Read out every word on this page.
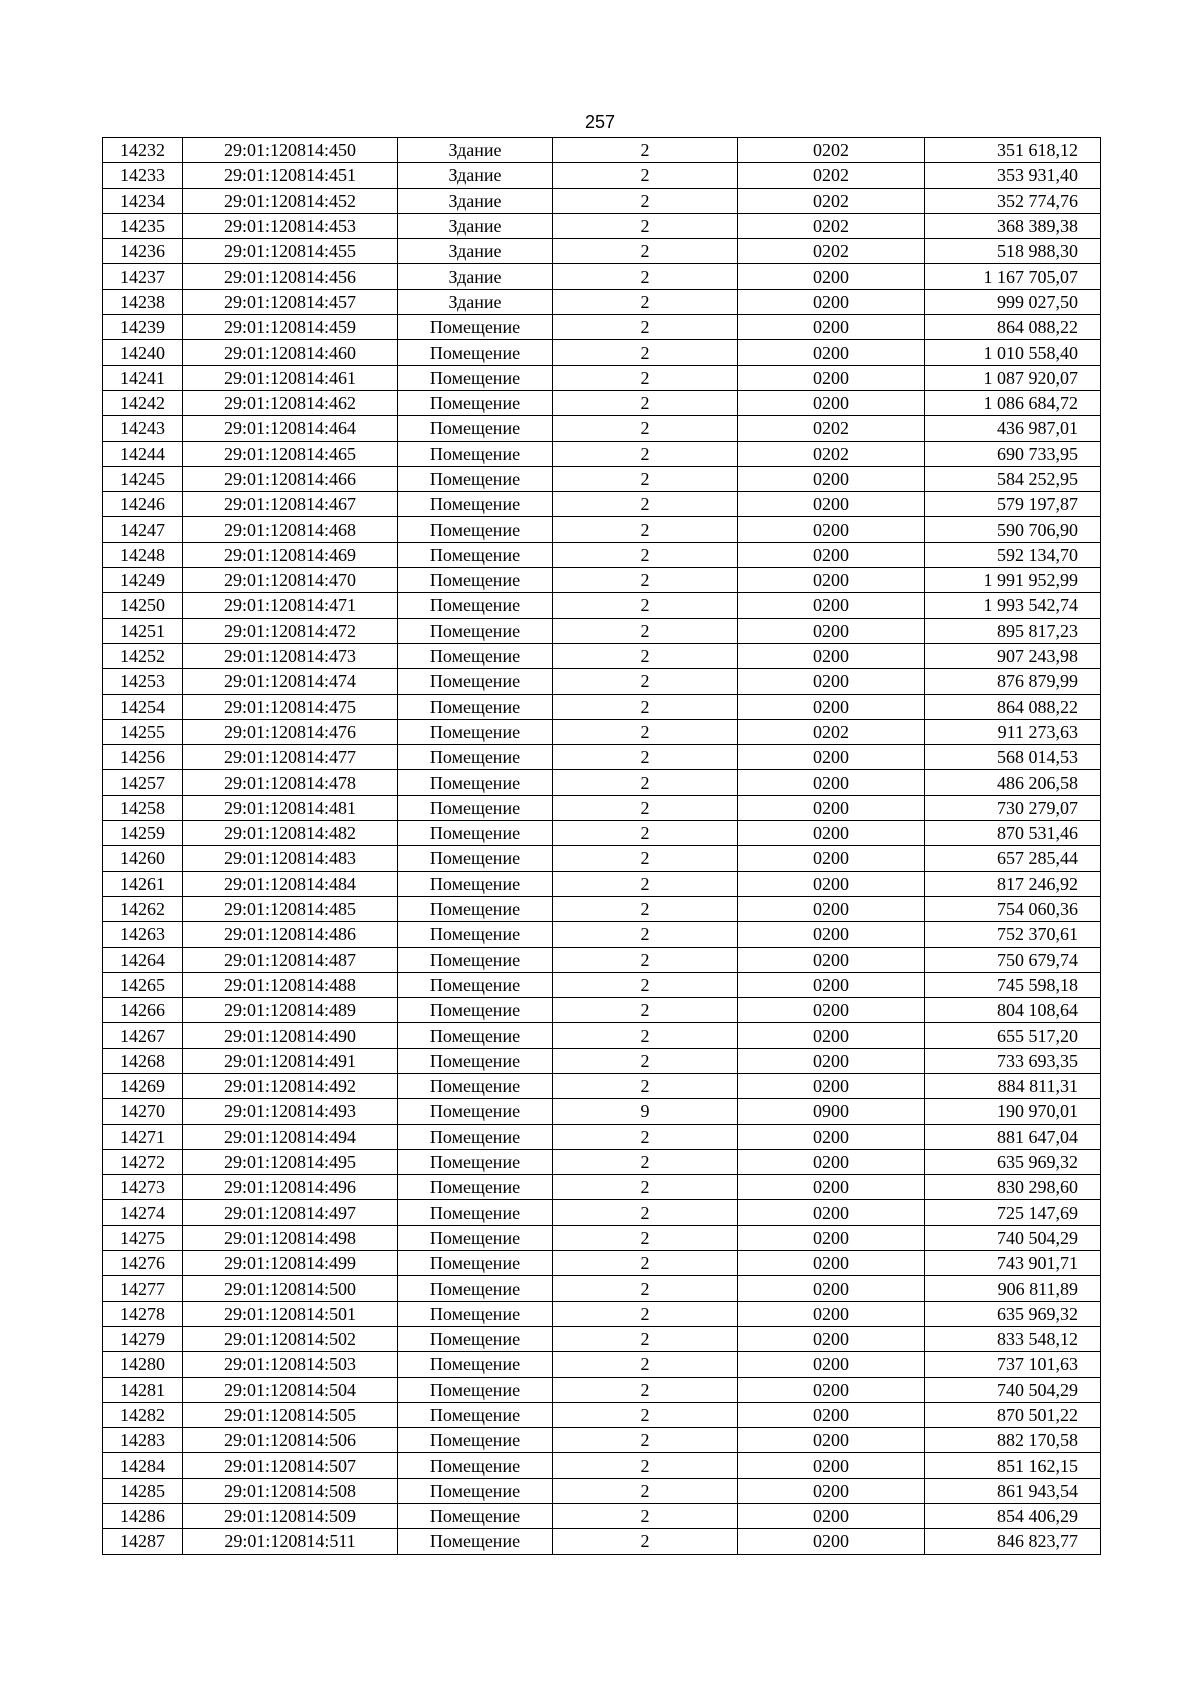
257
14232	29:01:120814:450	Здание	2	0202	351 618,12
14233	29:01:120814:451	Здание	2	0202	353 931,40
14234	29:01:120814:452	Здание	2	0202	352 774,76
14235	29:01:120814:453	Здание	2	0202	368 389,38
14236	29:01:120814:455	Здание	2	0202	518 988,30
14237	29:01:120814:456	Здание	2	0200	1 167 705,07
14238	29:01:120814:457	Здание	2	0200	999 027,50
14239	29:01:120814:459	Помещение	2	0200	864 088,22
14240	29:01:120814:460	Помещение	2	0200	1 010 558,40
14241	29:01:120814:461	Помещение	2	0200	1 087 920,07
14242	29:01:120814:462	Помещение	2	0200	1 086 684,72
14243	29:01:120814:464	Помещение	2	0202	436 987,01
14244	29:01:120814:465	Помещение	2	0202	690 733,95
14245	29:01:120814:466	Помещение	2	0200	584 252,95
14246	29:01:120814:467	Помещение	2	0200	579 197,87
14247	29:01:120814:468	Помещение	2	0200	590 706,90
14248	29:01:120814:469	Помещение	2	0200	592 134,70
14249	29:01:120814:470	Помещение	2	0200	1 991 952,99
14250	29:01:120814:471	Помещение	2	0200	1 993 542,74
14251	29:01:120814:472	Помещение	2	0200	895 817,23
14252	29:01:120814:473	Помещение	2	0200	907 243,98
14253	29:01:120814:474	Помещение	2	0200	876 879,99
14254	29:01:120814:475	Помещение	2	0200	864 088,22
14255	29:01:120814:476	Помещение	2	0202	911 273,63
14256	29:01:120814:477	Помещение	2	0200	568 014,53
14257	29:01:120814:478	Помещение	2	0200	486 206,58
14258	29:01:120814:481	Помещение	2	0200	730 279,07
14259	29:01:120814:482	Помещение	2	0200	870 531,46
14260	29:01:120814:483	Помещение	2	0200	657 285,44
14261	29:01:120814:484	Помещение	2	0200	817 246,92
14262	29:01:120814:485	Помещение	2	0200	754 060,36
14263	29:01:120814:486	Помещение	2	0200	752 370,61
14264	29:01:120814:487	Помещение	2	0200	750 679,74
14265	29:01:120814:488	Помещение	2	0200	745 598,18
14266	29:01:120814:489	Помещение	2	0200	804 108,64
14267	29:01:120814:490	Помещение	2	0200	655 517,20
14268	29:01:120814:491	Помещение	2	0200	733 693,35
14269	29:01:120814:492	Помещение	2	0200	884 811,31
14270	29:01:120814:493	Помещение	9	0900	190 970,01
14271	29:01:120814:494	Помещение	2	0200	881 647,04
14272	29:01:120814:495	Помещение	2	0200	635 969,32
14273	29:01:120814:496	Помещение	2	0200	830 298,60
14274	29:01:120814:497	Помещение	2	0200	725 147,69
14275	29:01:120814:498	Помещение	2	0200	740 504,29
14276	29:01:120814:499	Помещение	2	0200	743 901,71
14277	29:01:120814:500	Помещение	2	0200	906 811,89
14278	29:01:120814:501	Помещение	2	0200	635 969,32
14279	29:01:120814:502	Помещение	2	0200	833 548,12
14280	29:01:120814:503	Помещение	2	0200	737 101,63
14281	29:01:120814:504	Помещение	2	0200	740 504,29
14282	29:01:120814:505	Помещение	2	0200	870 501,22
14283	29:01:120814:506	Помещение	2	0200	882 170,58
14284	29:01:120814:507	Помещение	2	0200	851 162,15
14285	29:01:120814:508	Помещение	2	0200	861 943,54
14286	29:01:120814:509	Помещение	2	0200	854 406,29
14287	29:01:120814:511	Помещение	2	0200	846 823,77
